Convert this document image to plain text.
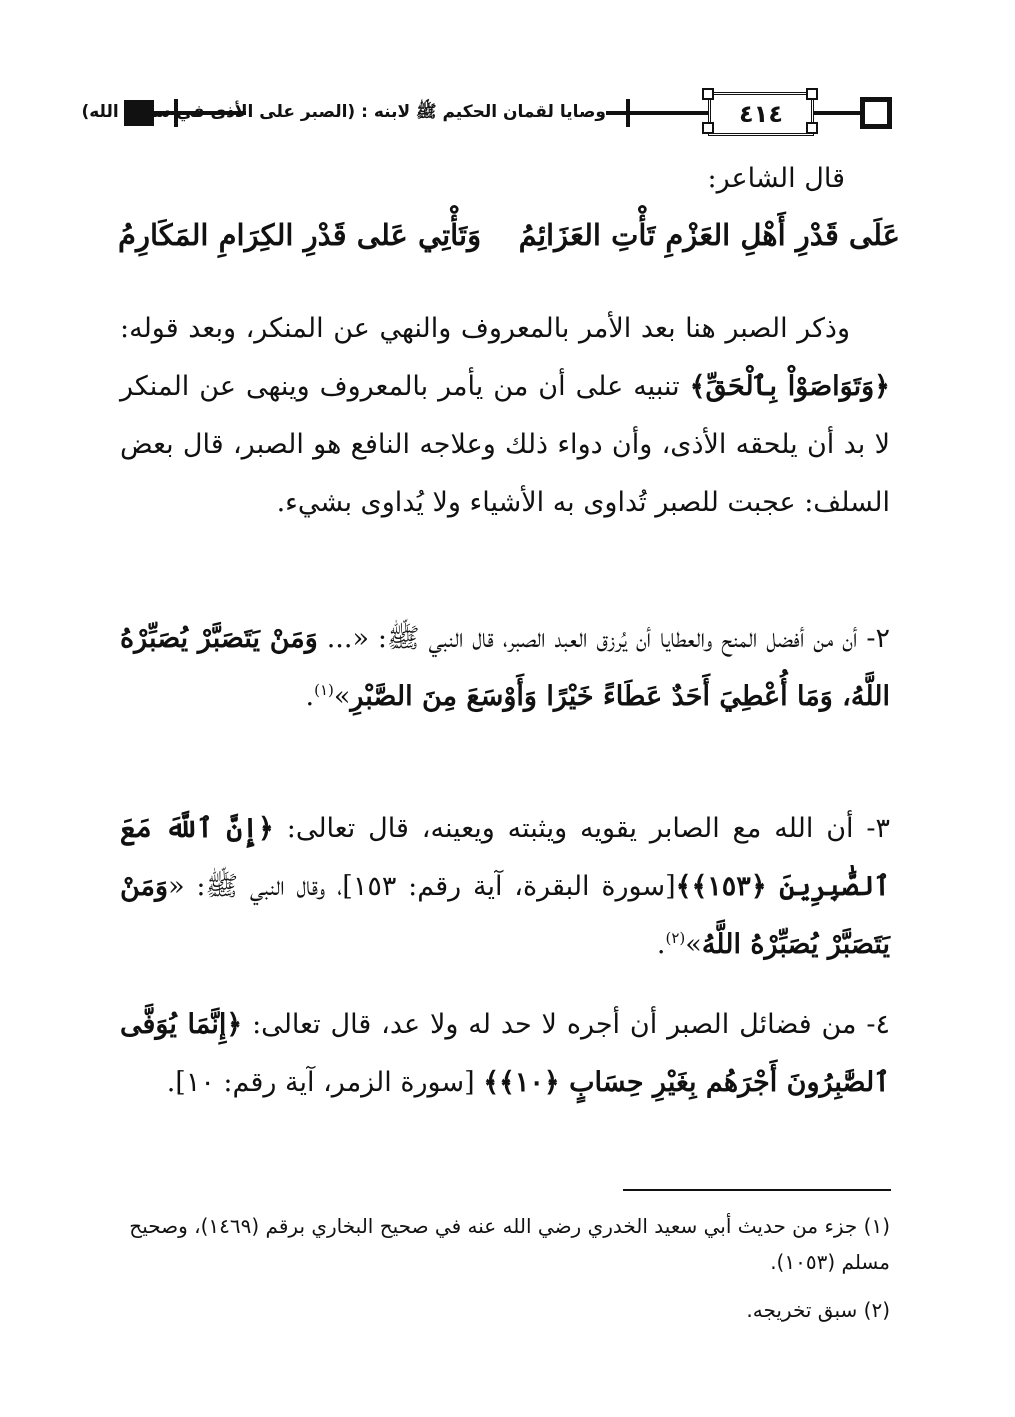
وصايا لقمان الحكيم ﷺ لابنه : (الصبر على الأذى في سبيل الله)	٤١٤
قال الشاعر:
عَلَى قَدْرِ أَهْلِ العَزْمِ تَأْتِ العَزَائِمُ
وَتَأْتِي عَلى قَدْرِ الكِرَامِ المَكَارِمُ
وذكر الصبر هنا بعد الأمر بالمعروف والنهي عن المنكر، وبعد قوله: ﴿وَتَوَاصَوْاْ بِٱلْحَقِّ﴾ تنبيه على أن من يأمر بالمعروف وينهى عن المنكر لا بد أن يلحقه الأذى، وأن دواء ذلك وعلاجه النافع هو الصبر، قال بعض السلف: عجبت للصبر تُداوى به الأشياء ولا يُداوى بشيء.
٢- أن من أفضل المنح والعطايا أن يُرزق العبد الصبر، قال النبي ﷺ: «... وَمَنْ يَتَصَبَّرْ يُصَبِّرْهُ اللَّهُ، وَمَا أُعْطِيَ أَحَدٌ عَطَاءً خَيْرًا وَأَوْسَعَ مِنَ الصَّبْرِ»$^{(١)}$.
٣- أن الله مع الصابر يقويه ويثبته ويعينه، قال تعالى: ﴿إِنَّ ٱللَّهَ مَعَ ٱلصَّٰبِرِينَ ﴿١٥٣﴾﴾[سورة البقرة، آية رقم: ١٥٣]، وقال النبي ﷺ: «وَمَنْ يَتَصَبَّرْ يُصَبِّرْهُ اللَّهُ»$^{(٢)}$.
٤- من فضائل الصبر أن أجره لا حد له ولا عد، قال تعالى: ﴿إِنَّمَا يُوَفَّى ٱلصَّٰبِرُونَ أَجْرَهُم بِغَيْرِ حِسَابٍ ﴿١٠﴾﴾ [سورة الزمر، آية رقم: ١٠].
(١) جزء من حديث أبي سعيد الخدري رضي الله عنه في صحيح البخاري برقم (١٤٦٩)، وصحيح مسلم (١٠٥٣).
(٢) سبق تخريجه.
